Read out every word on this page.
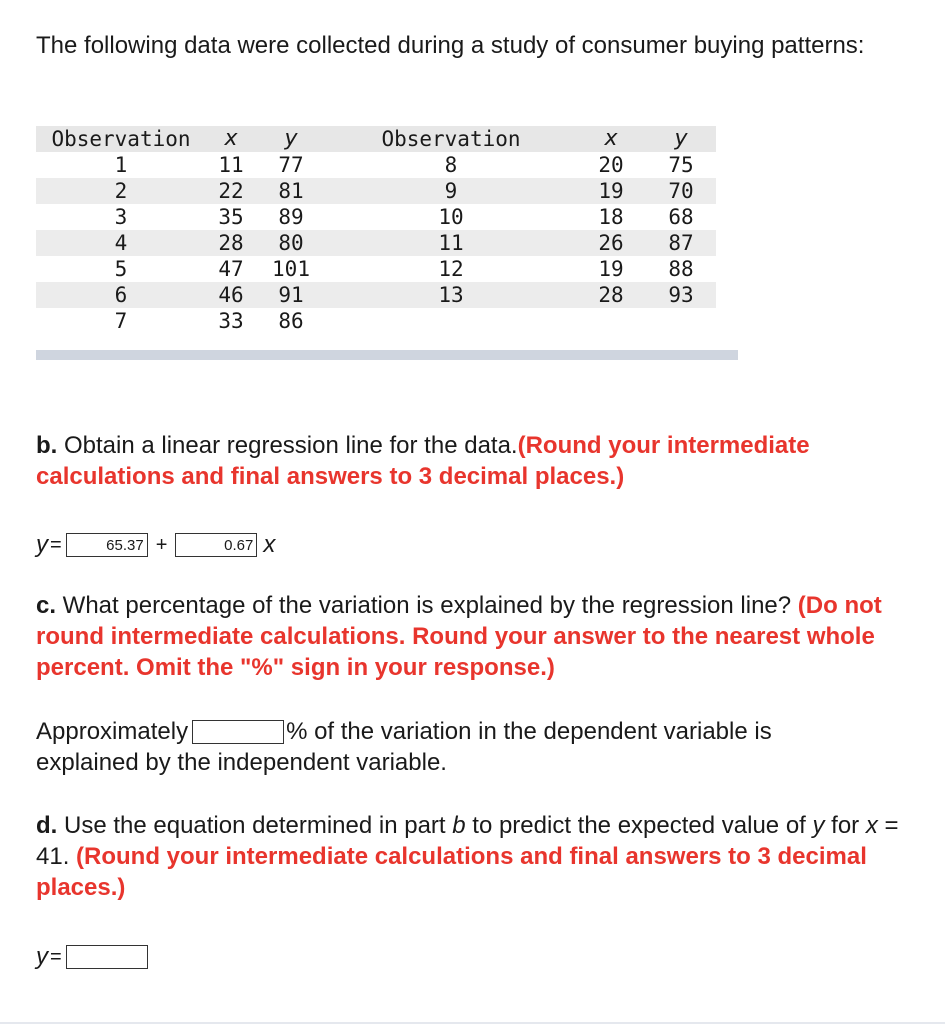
The following data were collected during a study of consumer buying patterns:
Observation	x	y	Observation	x	y
1	11	77	8	20	75
2	22	81	9	19	70
3	35	89	10	18	68
4	28	80	11	26	87
5	47	101	12	19	88
6	46	91	13	28	93
7	33	86			
b. Obtain a linear regression line for the data.(Round your intermediate calculations and final answers to 3 decimal places.)
y =	65.37 +	0.67 x
c. What percentage of the variation is explained by the regression line? (Do not round intermediate calculations. Round your answer to the nearest whole percent. Omit the "%" sign in your response.)
Approximately	% of the variation in the dependent variable is
explained by the independent variable.
d. Use the equation determined in part b to predict the expected value of y for x = 41. (Round your intermediate calculations and final answers to 3 decimal places.)
y =
